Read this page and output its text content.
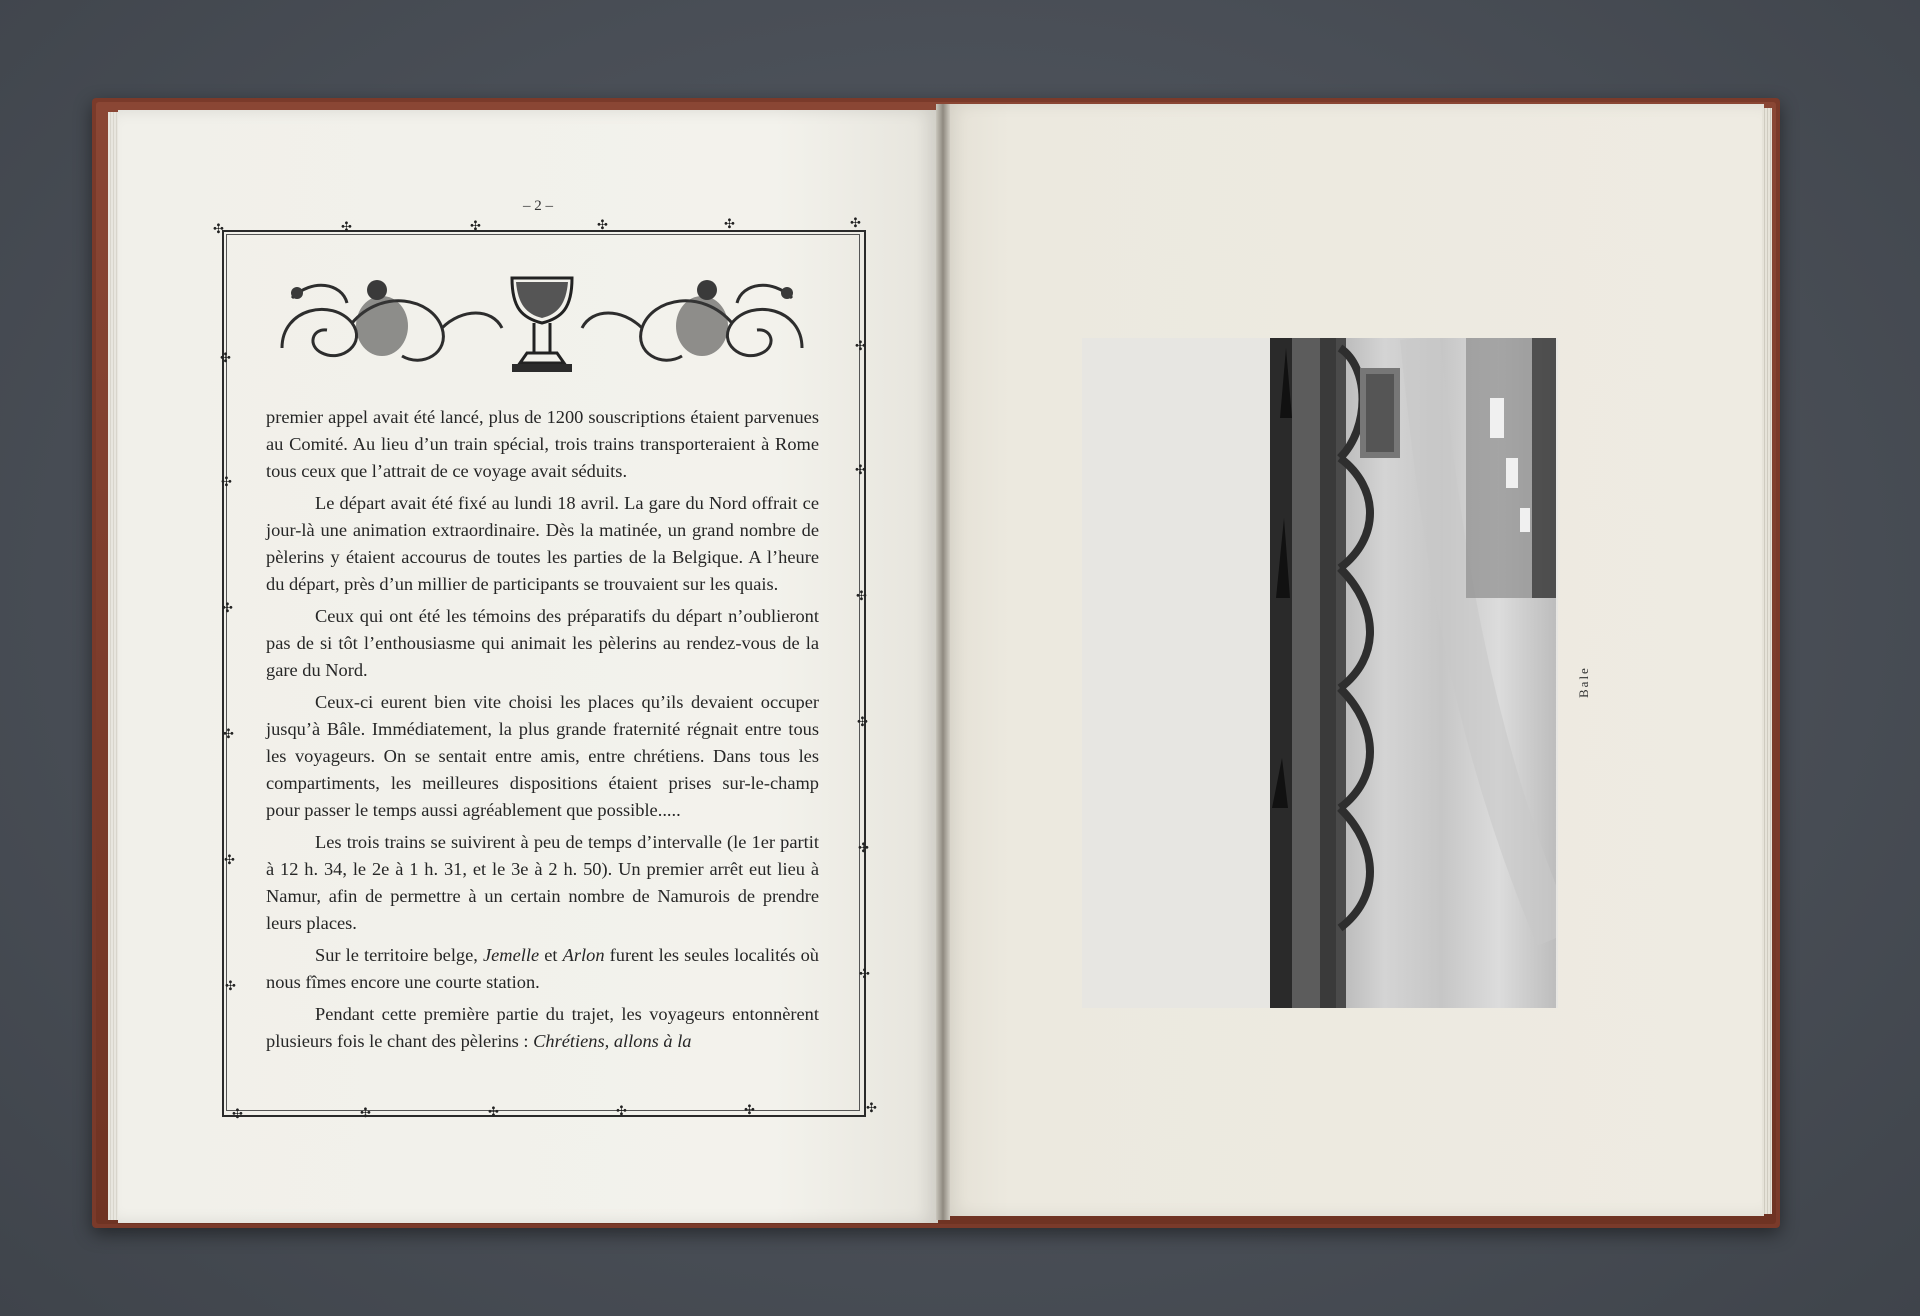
– 2 –
✣	✣	✣	✣	✣	✣
✣
✣
✣
✣
✣
✣
✣
✣
✣
✣
✣
✣
✣	✣	✣	✣	✣	✣

premier appel avait été lancé, plus de 1200 souscriptions étaient parvenues au Comité. Au lieu d’un train spécial, trois trains transporteraient à Rome tous ceux que l’attrait de ce voyage avait séduits.

Le départ avait été fixé au lundi 18 avril. La gare du Nord offrait ce jour-là une animation extraordinaire. Dès la matinée, un grand nombre de pèlerins y étaient accourus de toutes les parties de la Belgique. A l’heure du départ, près d’un millier de participants se trouvaient sur les quais.

Ceux qui ont été les témoins des préparatifs du départ n’oublieront pas de si tôt l’enthousiasme qui animait les pèlerins au rendez-vous de la gare du Nord.

Ceux-ci eurent bien vite choisi les places qu’ils devaient occuper jusqu’à Bâle. Immédiatement, la plus grande fraternité régnait entre tous les voyageurs. On se sentait entre amis, entre chrétiens. Dans tous les compartiments, les meilleures dispositions étaient prises sur-le-champ pour passer le temps aussi agréablement que possible.....

Les trois trains se suivirent à peu de temps d’intervalle (le 1er partit à 12 h. 34, le 2e à 1 h. 31, et le 3e à 2 h. 50). Un premier arrêt eut lieu à Namur, afin de permettre à un certain nombre de Namurois de prendre leurs places.

Sur le territoire belge, Jemelle et Arlon furent les seules localités où nous fîmes encore une courte station.

Pendant cette première partie du trajet, les voyageurs entonnèrent plusieurs fois le chant des pèlerins : Chrétiens, allons à la

Bale
